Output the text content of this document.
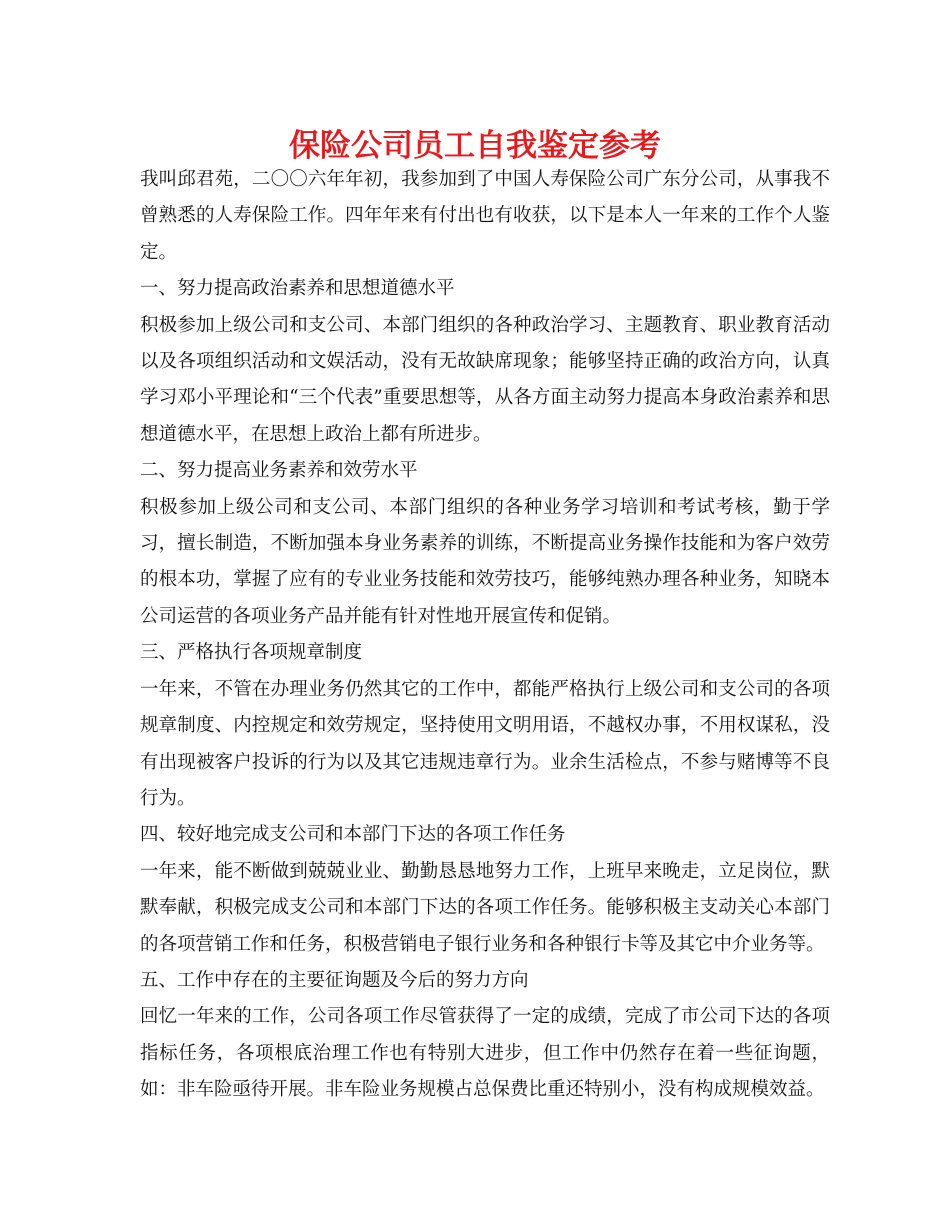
保险公司员工自我鉴定参考

我叫邱君苑，二〇〇六年年初，我参加到了中国人寿保险公司广东分公司，从事我不曾熟悉的人寿保险工作。四年年来有付出也有收获，以下是本人一年来的工作个人鉴定。

一、努力提高政治素养和思想道德水平

积极参加上级公司和支公司、本部门组织的各种政治学习、主题教育、职业教育活动以及各项组织活动和文娱活动，没有无故缺席现象；能够坚持正确的政治方向，认真学习邓小平理论和“三个代表”重要思想等，从各方面主动努力提高本身政治素养和思想道德水平，在思想上政治上都有所进步。

二、努力提高业务素养和效劳水平

积极参加上级公司和支公司、本部门组织的各种业务学习培训和考试考核，勤于学习，擅长制造，不断加强本身业务素养的训练，不断提高业务操作技能和为客户效劳的根本功，掌握了应有的专业业务技能和效劳技巧，能够纯熟办理各种业务，知晓本公司运营的各项业务产品并能有针对性地开展宣传和促销。

三、严格执行各项规章制度

一年来，不管在办理业务仍然其它的工作中，都能严格执行上级公司和支公司的各项规章制度、内控规定和效劳规定，坚持使用文明用语，不越权办事，不用权谋私，没有出现被客户投诉的行为以及其它违规违章行为。业余生活检点，不参与赌博等不良行为。

四、较好地完成支公司和本部门下达的各项工作任务

一年来，能不断做到兢兢业业、勤勤恳恳地努力工作，上班早来晚走，立足岗位，默默奉献，积极完成支公司和本部门下达的各项工作任务。能够积极主支动关心本部门的各项营销工作和任务，积极营销电子银行业务和各种银行卡等及其它中介业务等。

五、工作中存在的主要征询题及今后的努力方向

回忆一年来的工作，公司各项工作尽管获得了一定的成绩，完成了市公司下达的各项指标任务，各项根底治理工作也有特别大进步，但工作中仍然存在着一些征询题，如：非车险亟待开展。非车险业务规模占总保费比重还特别小，没有构成规模效益。
